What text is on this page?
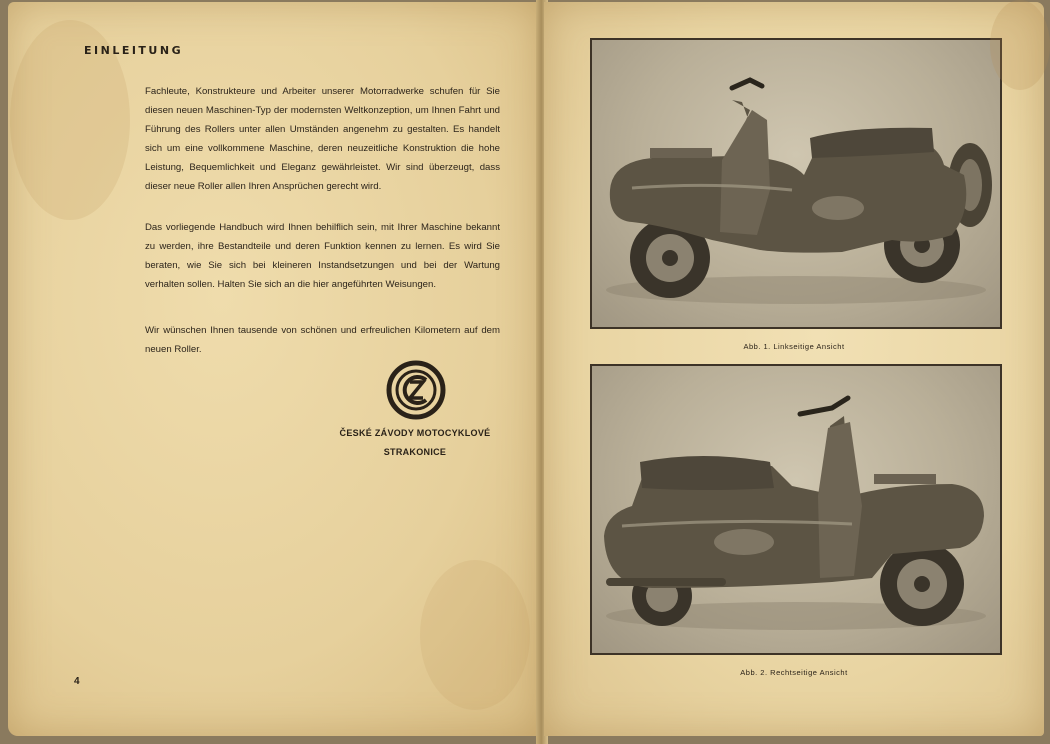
EINLEITUNG

Fachleute, Konstrukteure und Arbeiter unserer Motorradwerke schufen für Sie diesen neuen Maschinen-Typ der modernsten Weltkonzeption, um Ihnen Fahrt und Führung des Rollers unter allen Umständen angenehm zu gestalten. Es handelt sich um eine vollkommene Maschine, deren neuzeitliche Konstruktion die hohe Leistung, Bequemlichkeit und Eleganz gewährleistet. Wir sind überzeugt, dass dieser neue Roller allen Ihren Ansprüchen gerecht wird.

Das vorliegende Handbuch wird Ihnen behilflich sein, mit Ihrer Maschine bekannt zu werden, ihre Bestandteile und deren Funktion kennen zu lernen. Es wird Sie beraten, wie Sie sich bei kleineren Instandsetzungen und bei der Wartung verhalten sollen. Halten Sie sich an die hier angeführten Weisungen.

Wir wünschen Ihnen tausende von schönen und erfreulichen Kilometern auf dem neuen Roller.

ČESKÉ ZÁVODY MOTOCYKLOVÉ
STRAKONICE
4
Abb. 1. Linkseitige Ansicht
Abb. 2. Rechtseitige Ansicht
